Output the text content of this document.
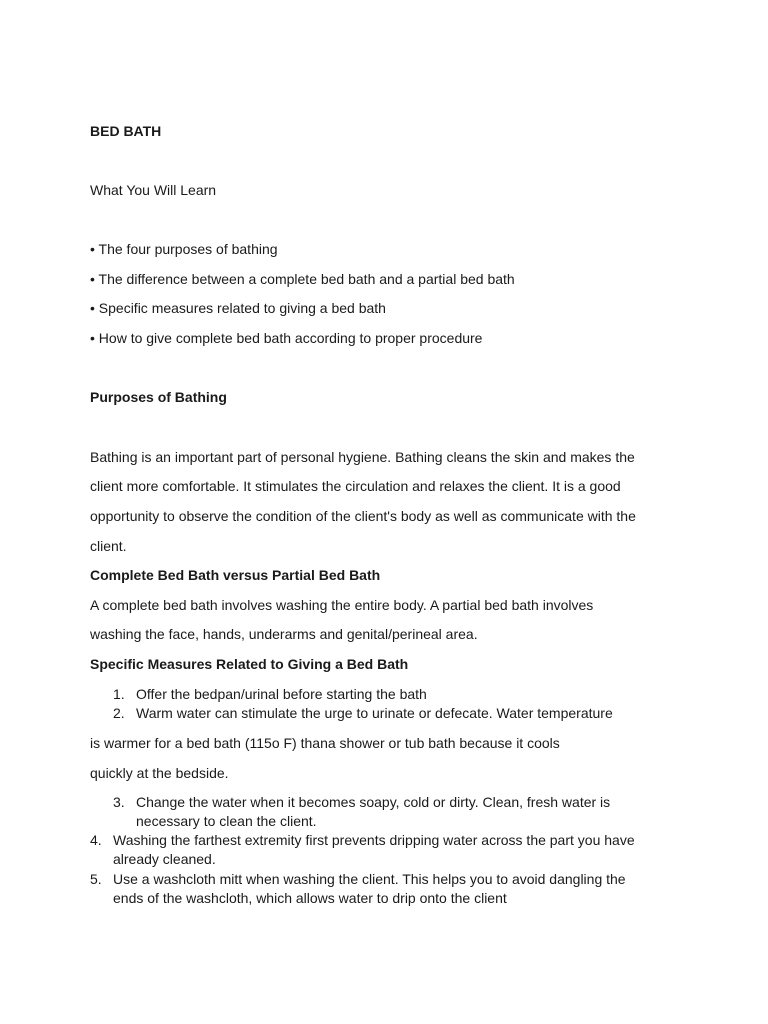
BED BATH
What You Will Learn
• The four purposes of bathing
• The difference between a complete bed bath and a partial bed bath
• Specific measures related to giving a bed bath
• How to give complete bed bath according to proper procedure
Purposes of Bathing
Bathing is an important part of personal hygiene. Bathing cleans the skin and makes the
client more comfortable. It stimulates the circulation and relaxes the client. It is a good
opportunity to observe the condition of the client's body as well as communicate with the
client.
Complete Bed Bath versus Partial Bed Bath
A complete bed bath involves washing the entire body. A partial bed bath involves
washing the face, hands, underarms and genital/perineal area.
Specific Measures Related to Giving a Bed Bath
1. Offer the bedpan/urinal before starting the bath
2. Warm water can stimulate the urge to urinate or defecate. Water temperature
is warmer for a bed bath (115o F) thana shower or tub bath because it cools
quickly at the bedside.
3. Change the water when it becomes soapy, cold or dirty. Clean, fresh water is
necessary to clean the client.
4. Washing the farthest extremity first prevents dripping water across the part you have
already cleaned.
5. Use a washcloth mitt when washing the client. This helps you to avoid dangling the
ends of the washcloth, which allows water to drip onto the client
